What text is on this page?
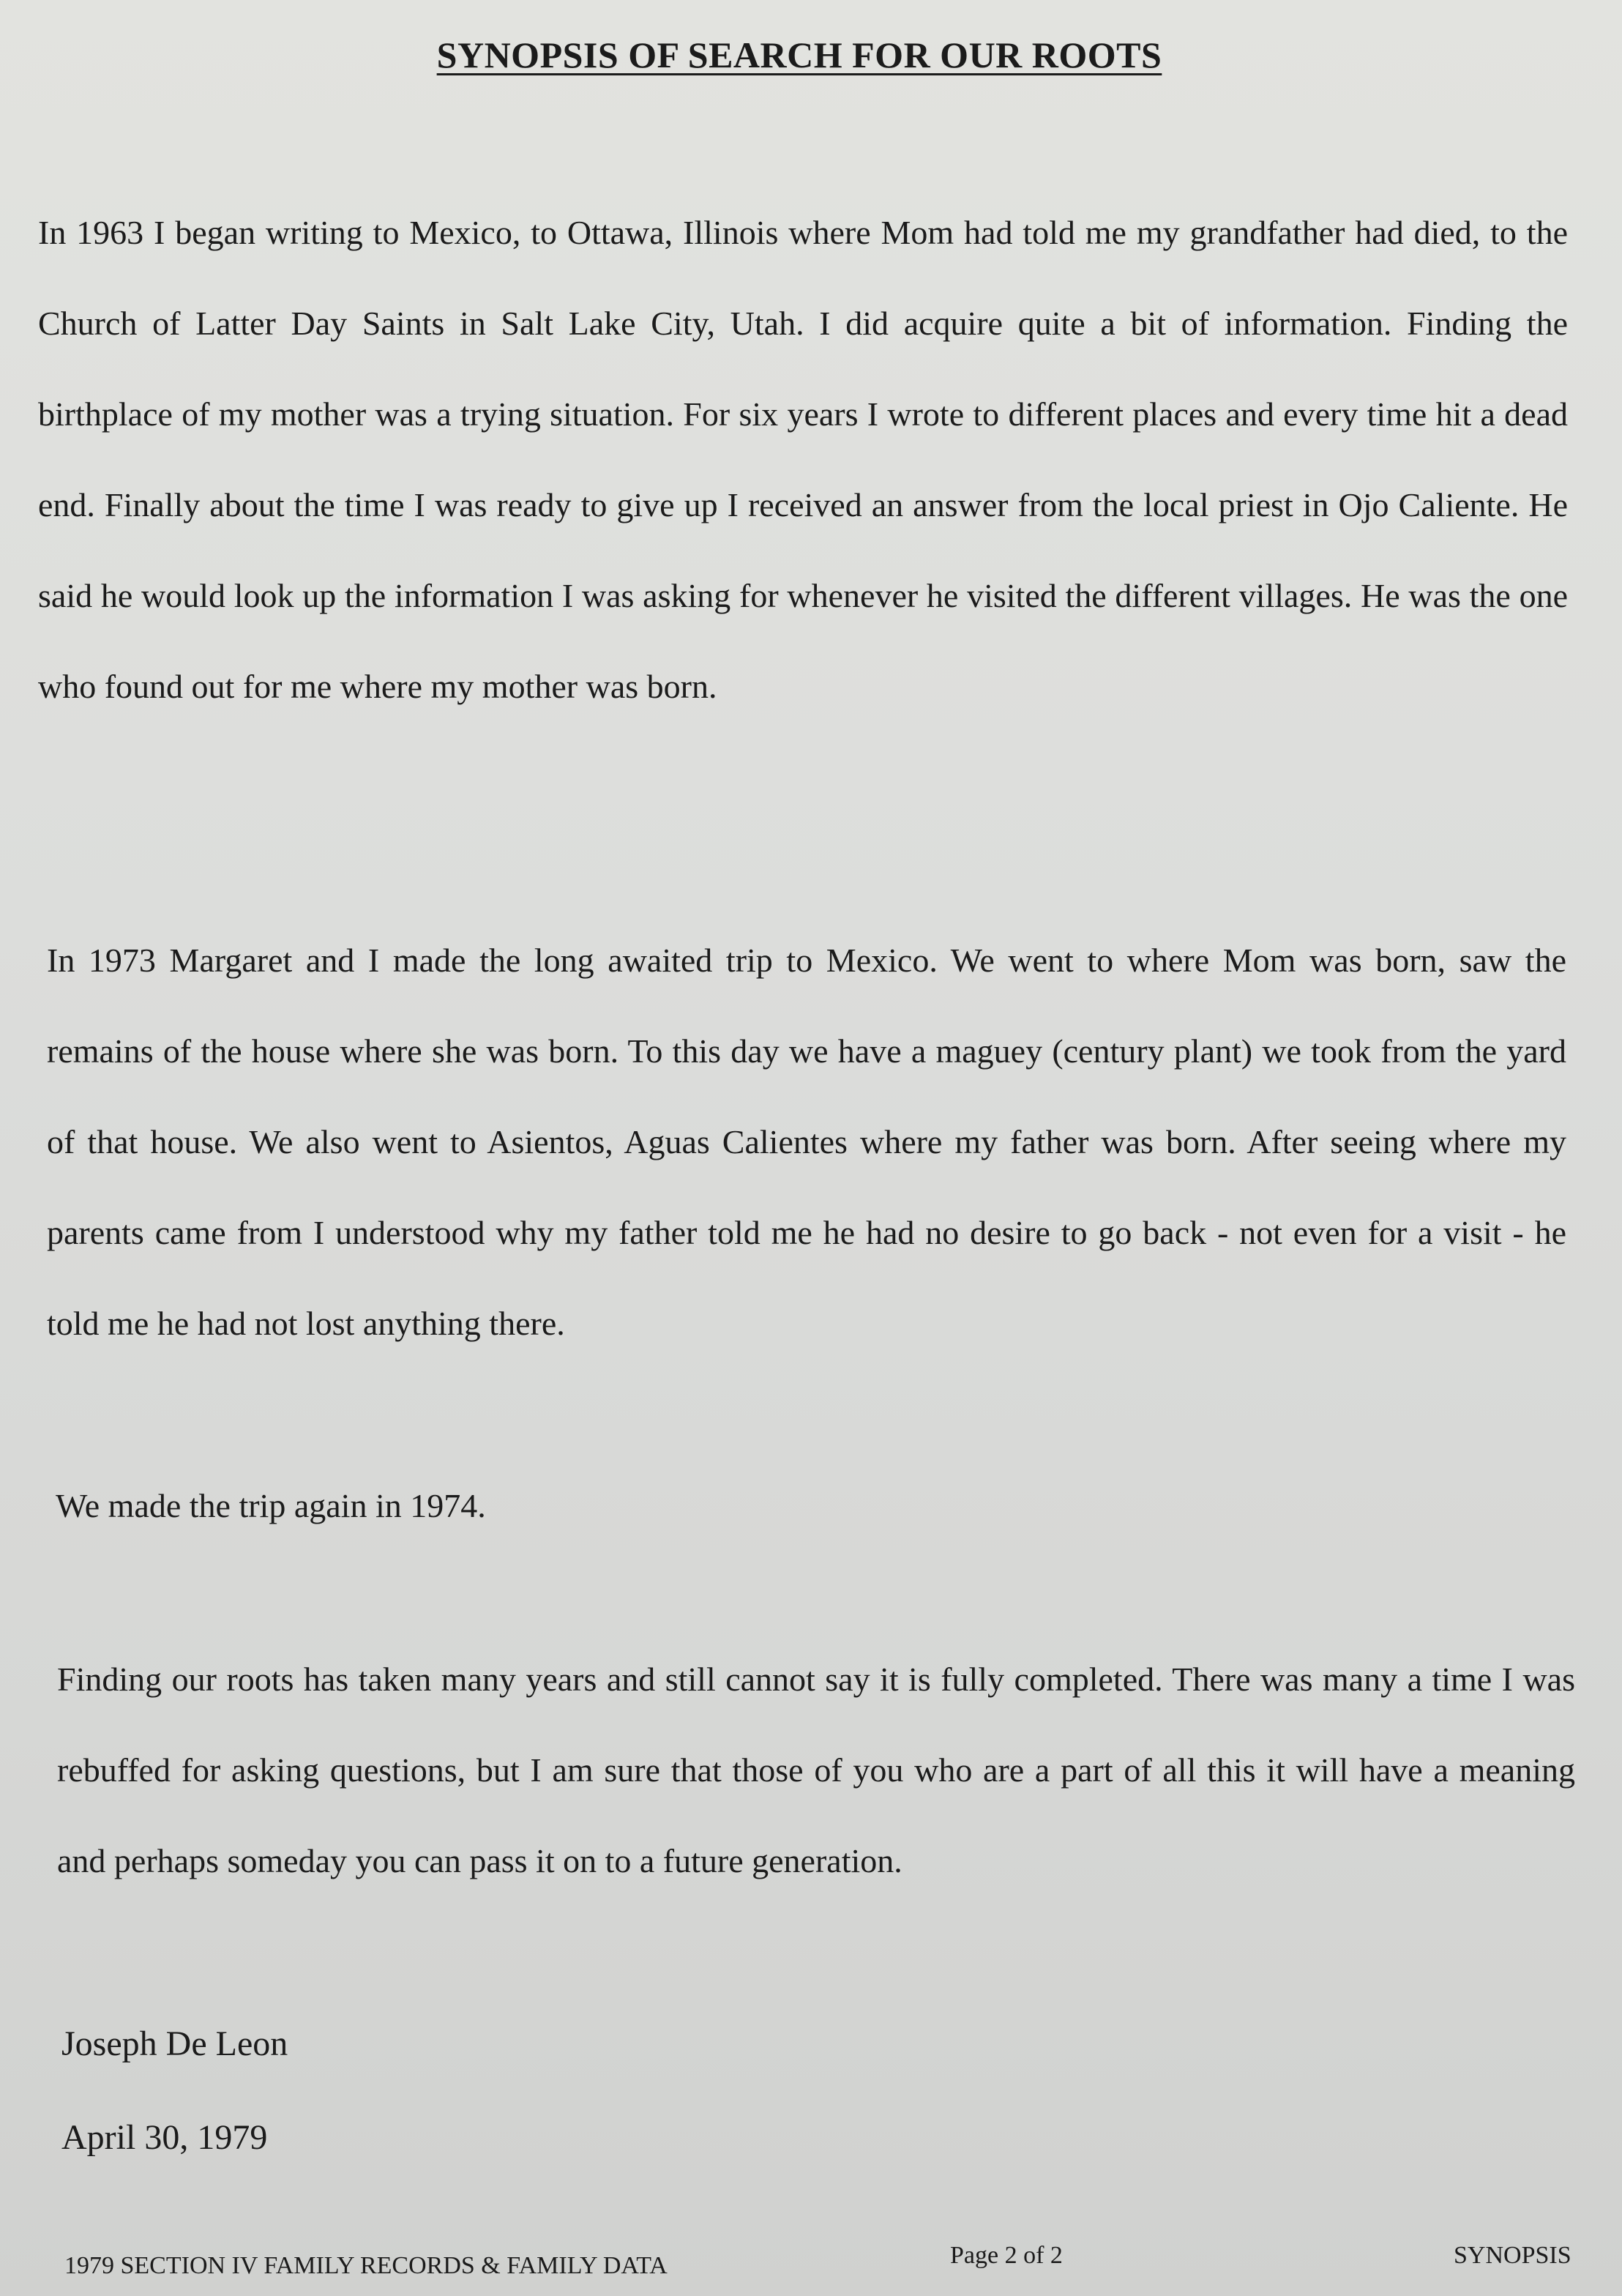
SYNOPSIS OF SEARCH FOR OUR ROOTS

In 1963 I began writing to Mexico, to Ottawa, Illinois where Mom had told me my grandfather had died, to the Church of Latter Day Saints in Salt Lake City, Utah. I did acquire quite a bit of information. Finding the birthplace of my mother was a trying situation. For six years I wrote to different places and every time hit a dead end. Finally about the time I was ready to give up I received an answer from the local priest in Ojo Caliente. He said he would look up the information I was asking for whenever he visited the different villages. He was the one who found out for me where my mother was born.

In 1973 Margaret and I made the long awaited trip to Mexico. We went to where Mom was born, saw the remains of the house where she was born. To this day we have a maguey (century plant) we took from the yard of that house. We also went to Asientos, Aguas Calientes where my father was born. After seeing where my parents came from I understood why my father told me he had no desire to go back - not even for a visit - he told me he had not lost anything there.

We made the trip again in 1974.

Finding our roots has taken many years and still cannot say it is fully completed. There was many a time I was rebuffed for asking questions, but I am sure that those of you who are a part of all this it will have a meaning and perhaps someday you can pass it on to a future generation.

Joseph De Leon

April 30, 1979

1979 SECTION IV FAMILY RECORDS & FAMILY DATA	Page 2 of 2	SYNOPSIS
